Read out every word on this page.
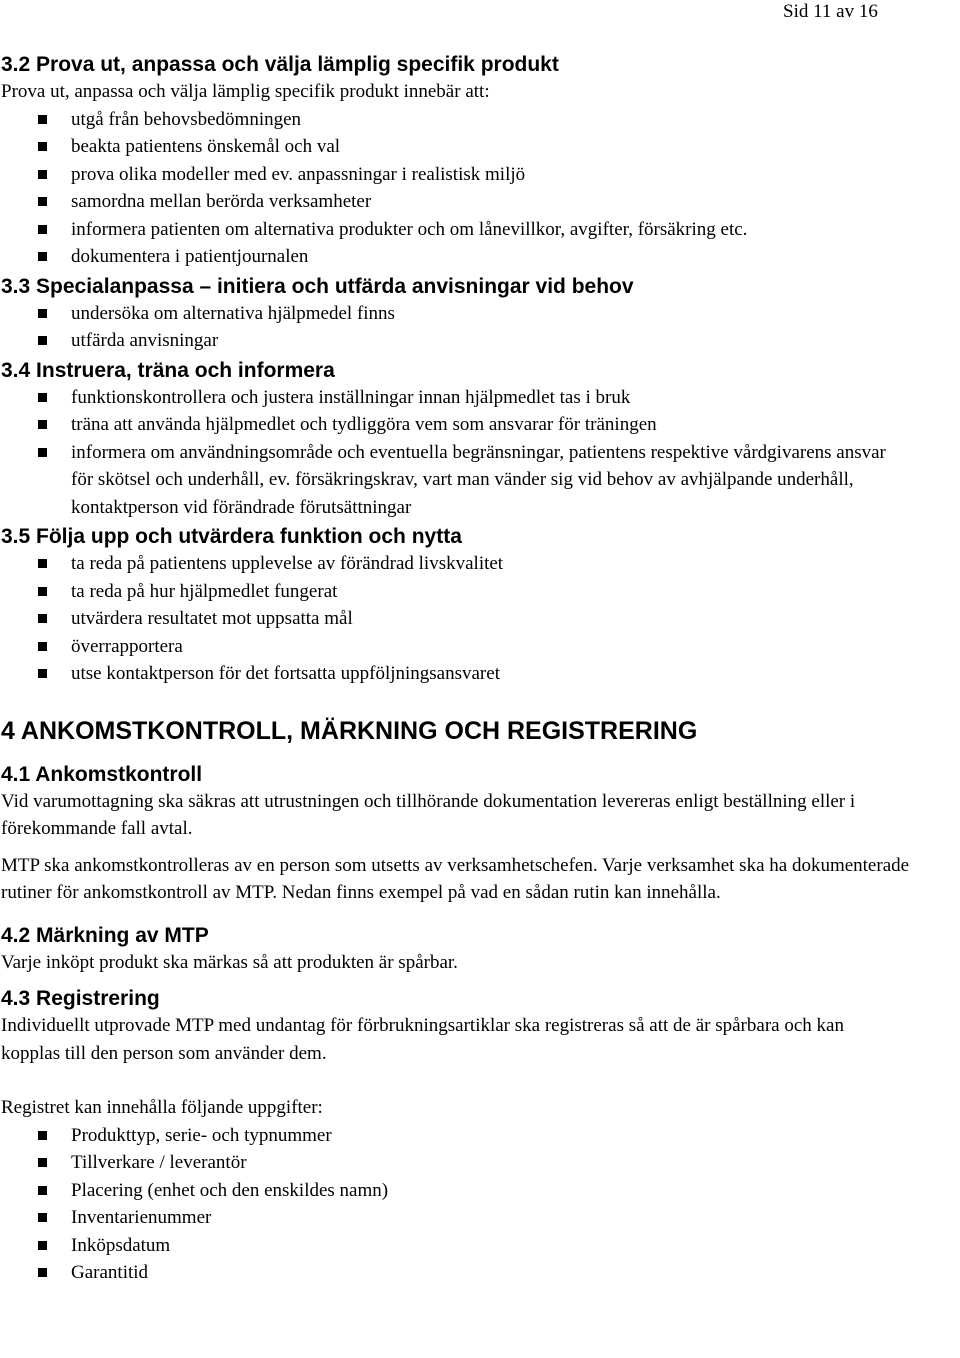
Sid 11 av 16
3.2 Prova ut, anpassa och välja lämplig specifik produkt

Prova ut, anpassa och välja lämplig specifik produkt innebär att:

utgå från behovsbedömningen
beakta patientens önskemål och val
prova olika modeller med ev. anpassningar i realistisk miljö
samordna mellan berörda verksamheter
informera patienten om alternativa produkter och om lånevillkor, avgifter, försäkring etc.
dokumentera i patientjournalen
3.3 Specialanpassa – initiera och utfärda anvisningar vid behov
undersöka om alternativa hjälpmedel finns
utfärda anvisningar
3.4 Instruera, träna och informera
funktionskontrollera och justera inställningar innan hjälpmedlet tas i bruk
träna att använda hjälpmedlet och tydliggöra vem som ansvarar för träningen
informera om användningsområde och eventuella begränsningar, patientens respektive vårdgivarens ansvar för skötsel och underhåll, ev. försäkringskrav, vart man vänder sig vid behov av avhjälpande underhåll, kontaktperson vid förändrade förutsättningar
3.5 Följa upp och utvärdera funktion och nytta
ta reda på patientens upplevelse av förändrad livskvalitet
ta reda på hur hjälpmedlet fungerat
utvärdera resultatet mot uppsatta mål
överrapportera
utse kontaktperson för det fortsatta uppföljningsansvaret
4 ANKOMSTKONTROLL, MÄRKNING OCH REGISTRERING
4.1 Ankomstkontroll

Vid varumottagning ska säkras att utrustningen och tillhörande dokumentation levereras enligt beställning eller i förekommande fall avtal.

MTP ska ankomstkontrolleras av en person som utsetts av verksamhetschefen. Varje verksamhet ska ha dokumenterade rutiner för ankomstkontroll av MTP. Nedan finns exempel på vad en sådan rutin kan innehålla.

4.2 Märkning av MTP

Varje inköpt produkt ska märkas så att produkten är spårbar.

4.3 Registrering

Individuellt utprovade MTP med undantag för förbrukningsartiklar ska registreras så att de är spårbara och kan kopplas till den person som använder dem.

Registret kan innehålla följande uppgifter:

Produkttyp, serie- och typnummer
Tillverkare / leverantör
Placering (enhet och den enskildes namn)
Inventarienummer
Inköpsdatum
Garantitid
